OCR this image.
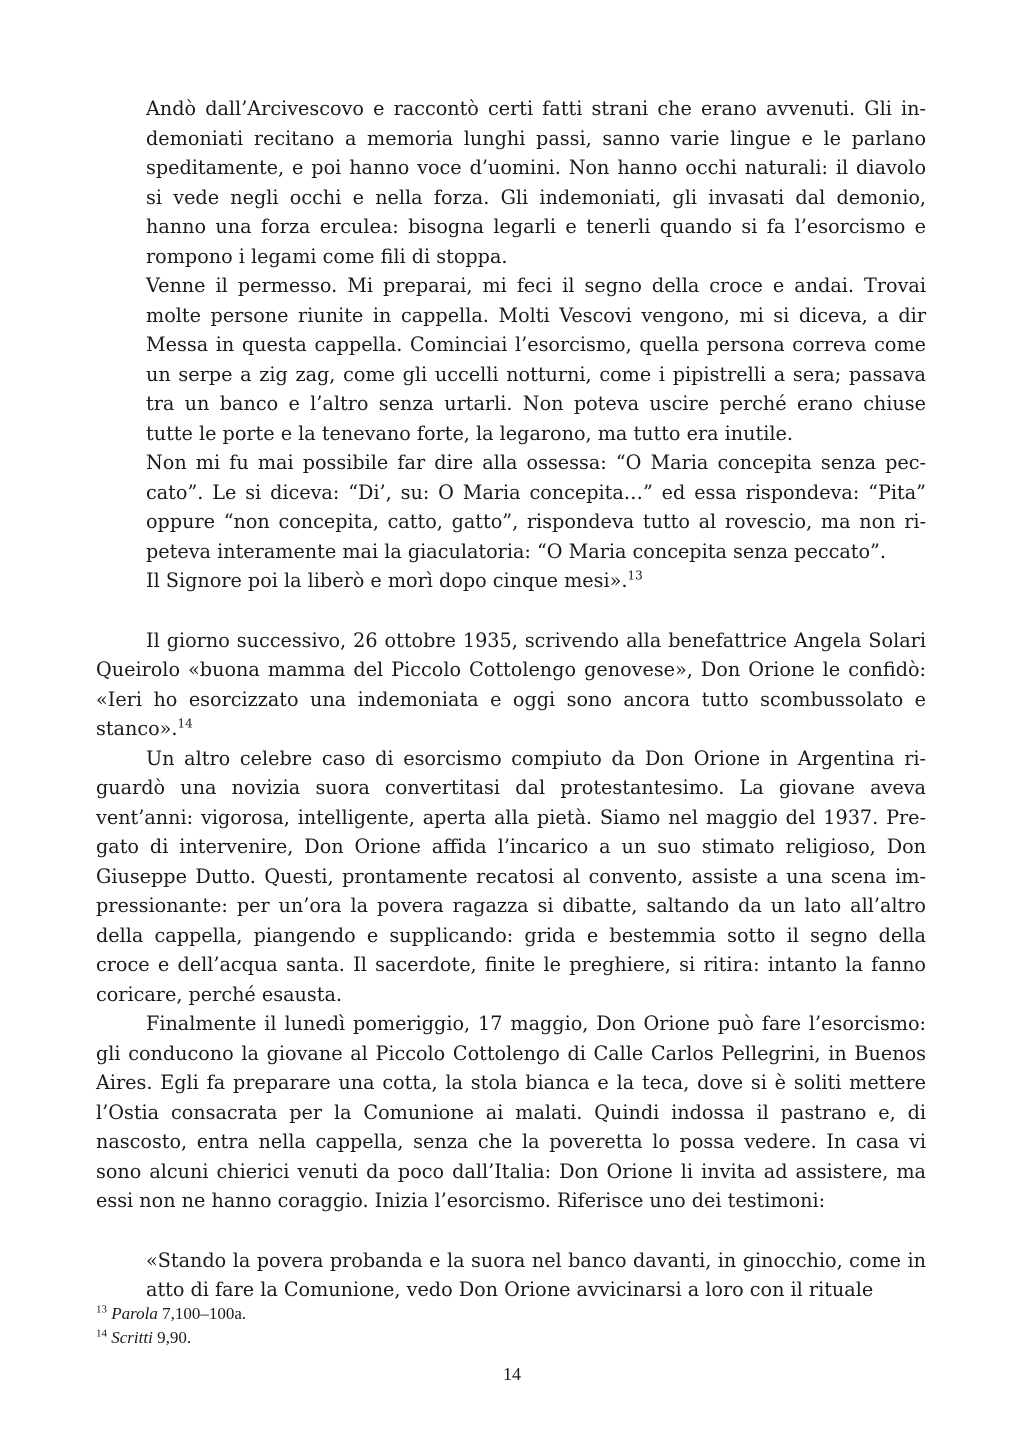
Andò dall’Arcivescovo e raccontò certi fatti strani che erano avvenuti. Gli indemoniati recitano a memoria lunghi passi, sanno varie lingue e le parlano speditamente, e poi hanno voce d’uomini. Non hanno occhi naturali: il diavolo si vede negli occhi e nella forza. Gli indemoniati, gli invasati dal demonio, hanno una forza erculea: bisogna legarli e tenerli quando si fa l’esorcismo e rompono i legami come fili di stoppa.

Venne il permesso. Mi preparai, mi feci il segno della croce e andai. Trovai molte persone riunite in cappella. Molti Vescovi vengono, mi si diceva, a dir Messa in questa cappella. Cominciai l’esorcismo, quella persona correva come un serpe a zig zag, come gli uccelli notturni, come i pipistrelli a sera; passava tra un banco e l’altro senza urtarli. Non poteva uscire perché erano chiuse tutte le porte e la tenevano forte, la legarono, ma tutto era inutile.

Non mi fu mai possibile far dire alla ossessa: “O Maria concepita senza peccato”. Le si diceva: “Di’, su: O Maria concepita…” ed essa rispondeva: “Pita” oppure “non concepita, catto, gatto”, rispondeva tutto al rovescio, ma non ripeteva interamente mai la giaculatoria: “O Maria concepita senza peccato”.

Il Signore poi la liberò e morì dopo cinque mesi».$^{13}$

Il giorno successivo, 26 ottobre 1935, scrivendo alla benefattrice Angela Solari Queirolo «buona mamma del Piccolo Cottolengo genovese», Don Orione le confidò: «Ieri ho esorcizzato una indemoniata e oggi sono ancora tutto scombussolato e stanco».$^{14}$

Un altro celebre caso di esorcismo compiuto da Don Orione in Argentina riguardò una novizia suora convertitasi dal protestantesimo. La giovane aveva vent’anni: vigorosa, intelligente, aperta alla pietà. Siamo nel maggio del 1937. Pregato di intervenire, Don Orione affida l’incarico a un suo stimato religioso, Don Giuseppe Dutto. Questi, prontamente recatosi al convento, assiste a una scena impressionante: per un’ora la povera ragazza si dibatte, saltando da un lato all’altro della cappella, piangendo e supplicando: grida e bestemmia sotto il segno della croce e dell’acqua santa. Il sacerdote, finite le preghiere, si ritira: intanto la fanno coricare, perché esausta.

Finalmente il lunedì pomeriggio, 17 maggio, Don Orione può fare l’esorcismo: gli conducono la giovane al Piccolo Cottolengo di Calle Carlos Pellegrini, in Buenos Aires. Egli fa preparare una cotta, la stola bianca e la teca, dove si è soliti mettere l’Ostia consacrata per la Comunione ai malati. Quindi indossa il pastrano e, di nascosto, entra nella cappella, senza che la poveretta lo possa vedere. In casa vi sono alcuni chierici venuti da poco dall’Italia: Don Orione li invita ad assistere, ma essi non ne hanno coraggio. Inizia l’esorcismo. Riferisce uno dei testimoni:

«Stando la povera probanda e la suora nel banco davanti, in ginocchio, come in atto di fare la Comunione, vedo Don Orione avvicinarsi a loro con il rituale

$^{13}$ Parola 7,100–100a.

$^{14}$ Scritti 9,90.

14
